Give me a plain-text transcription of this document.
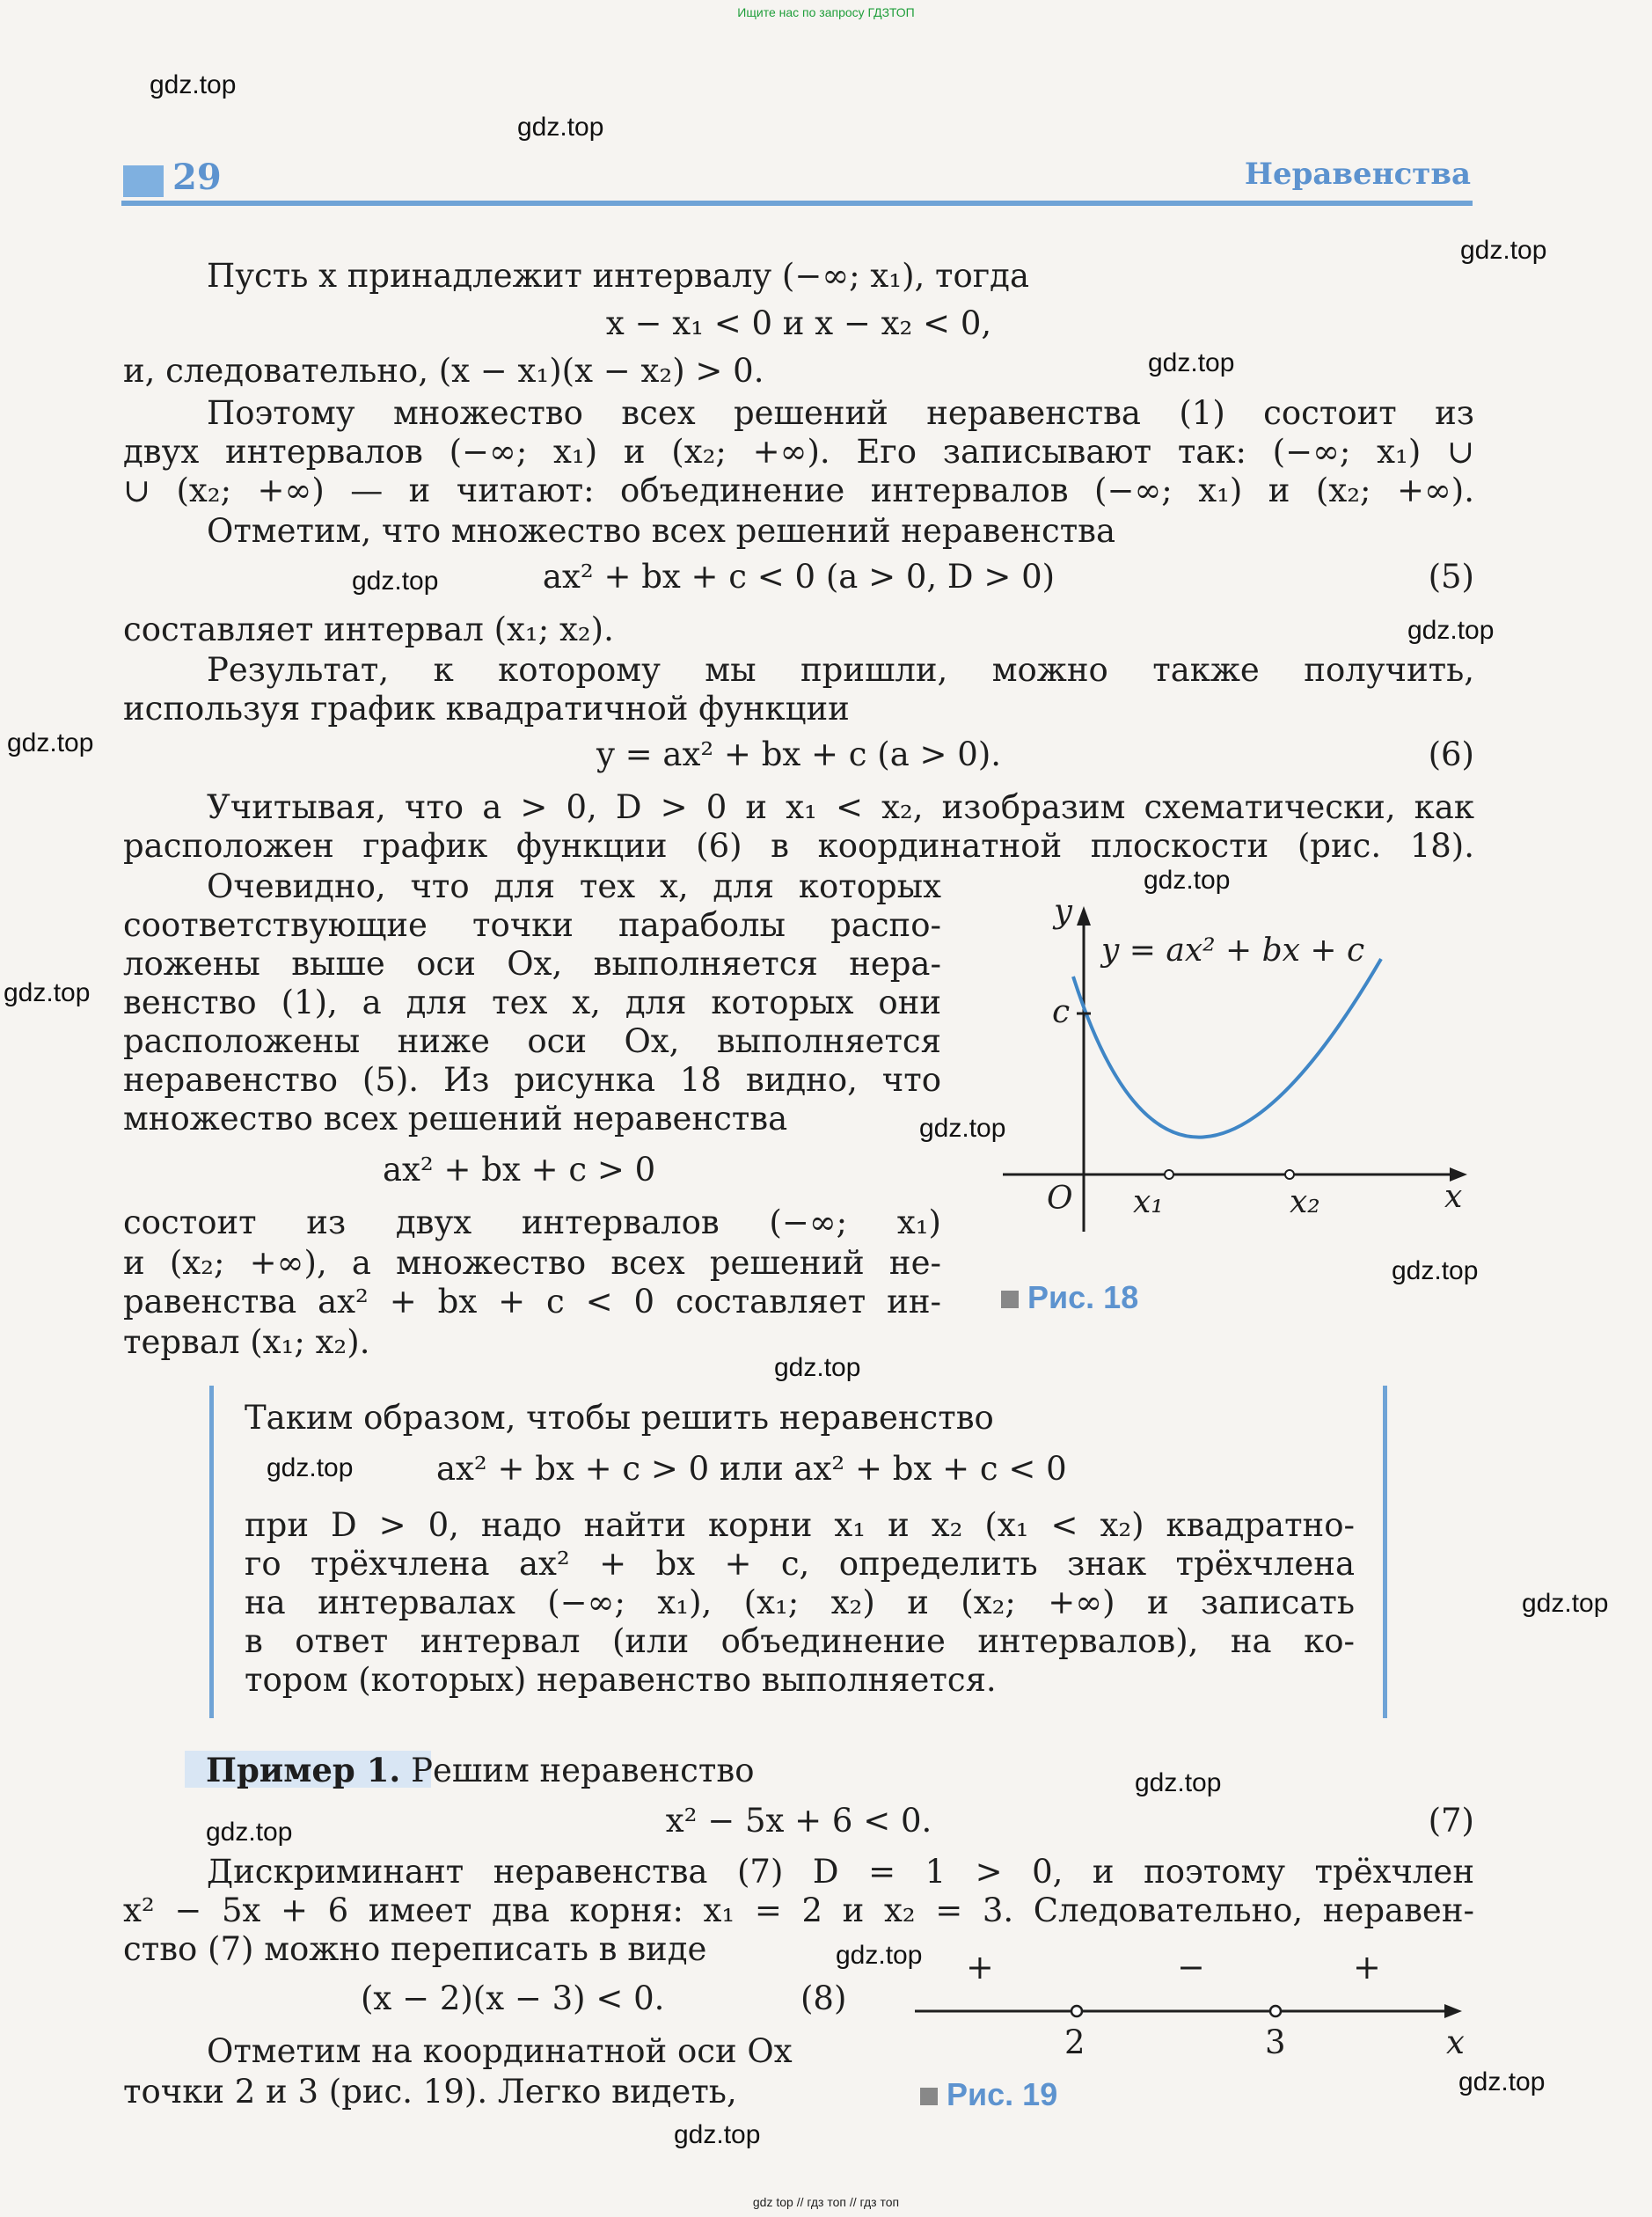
Ищите нас по запросу ГДЗТОП
gdz top // гдз топ // гдз топ
gdz.top
gdz.top
gdz.top
gdz.top
gdz.top
gdz.top
gdz.top
gdz.top
gdz.top
gdz.top
gdz.top
gdz.top
gdz.top
gdz.top
gdz.top
gdz.top
gdz.top
gdz.top
gdz.top
29	Неравенства
Пусть x принадлежит интервалу (−∞; x₁), тогда
x − x₁ < 0 и x − x₂ < 0,
и, следовательно, (x − x₁)(x − x₂) > 0.
Поэтому множество всех решений неравенства (1) состоит из
двух интервалов (−∞; x₁) и (x₂; +∞). Его записывают так: (−∞; x₁) ∪
∪ (x₂; +∞) — и читают: объединение интервалов (−∞; x₁) и (x₂; +∞).
Отметим, что множество всех решений неравенства
ax² + bx + c < 0 (a > 0, D > 0)	(5)
составляет интервал (x₁; x₂).
Результат, к которому мы пришли, можно также получить,
используя график квадратичной функции
y = ax² + bx + c (a > 0).	(6)
Учитывая, что a > 0, D > 0 и x₁ < x₂, изобразим схематически, как
расположен график функции (6) в координатной плоскости (рис. 18).
Очевидно, что для тех x, для которых
соответствующие точки параболы распо-
ложены выше оси Ox, выполняется нера-
венство (1), а для тех x, для которых они
расположены ниже оси Ox, выполняется
неравенство (5). Из рисунка 18 видно, что
множество всех решений неравенства
ax² + bx + c > 0
состоит из двух интервалов (−∞; x₁)
и (x₂; +∞), а множество всех решений не-
равенства ax² + bx + c < 0 составляет ин-
тервал (x₁; x₂).
y
y = ax² + bx + c
c
O x₁	x₂	x
Рис. 18
Таким образом, чтобы решить неравенство
ax² + bx + c > 0 или ax² + bx + c < 0
при D > 0, надо найти корни x₁ и x₂ (x₁ < x₂) квадратно-
го трёхчлена ax² + bx + c, определить знак трёхчлена
на интервалах (−∞; x₁), (x₁; x₂) и (x₂; +∞) и записать
в ответ интервал (или объединение интервалов), на ко-
тором (которых) неравенство выполняется.
Пример 1. Решим неравенство
x² − 5x + 6 < 0.	(7)
Дискриминант неравенства (7) D = 1 > 0, и поэтому трёхчлен
x² − 5x + 6 имеет два корня: x₁ = 2 и x₂ = 3. Следовательно, неравен-
ство (7) можно переписать в виде
(x − 2)(x − 3) < 0.	(8)
Отметим на координатной оси Ox
точки 2 и 3 (рис. 19). Легко видеть,
+	−	+
2	3	x
Рис. 19
